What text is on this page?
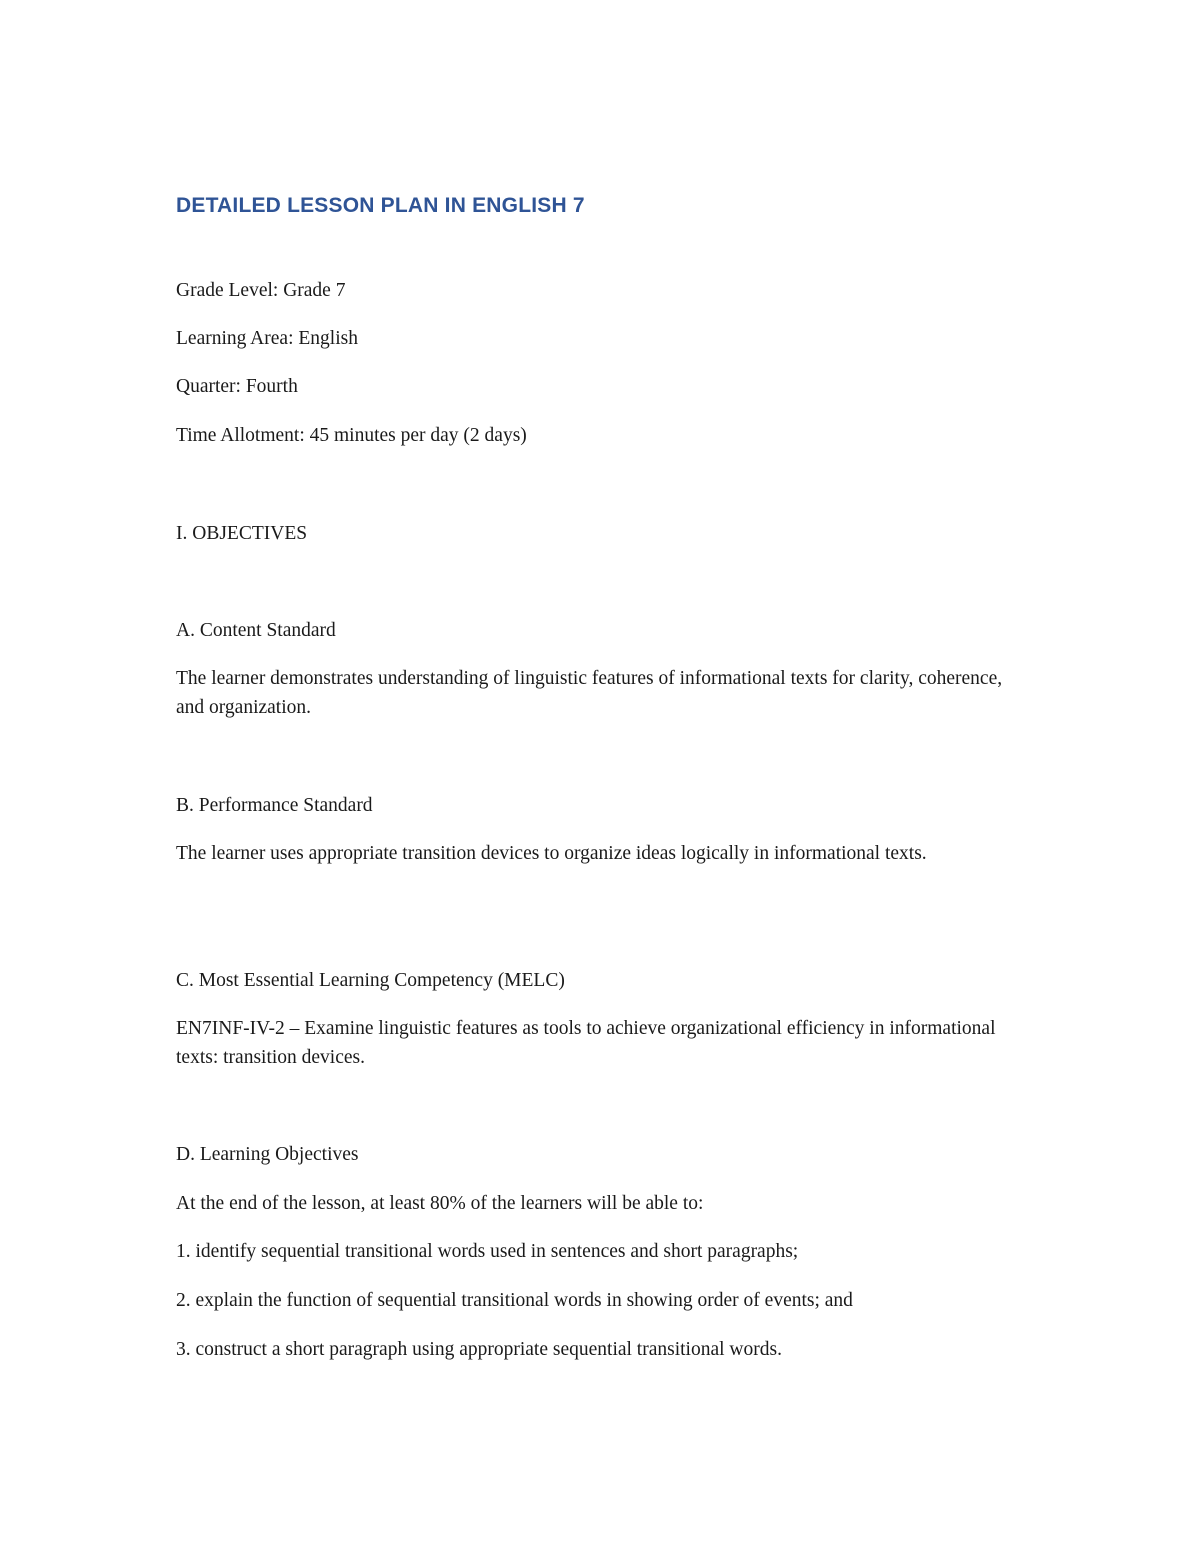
DETAILED LESSON PLAN IN ENGLISH 7
Grade Level: Grade 7
Learning Area: English
Quarter: Fourth
Time Allotment: 45 minutes per day (2 days)
I. OBJECTIVES
A. Content Standard
The learner demonstrates understanding of linguistic features of informational texts for clarity, coherence, and organization.
B. Performance Standard
The learner uses appropriate transition devices to organize ideas logically in informational texts.
C. Most Essential Learning Competency (MELC)
EN7INF-IV-2 – Examine linguistic features as tools to achieve organizational efficiency in informational texts: transition devices.
D. Learning Objectives
At the end of the lesson, at least 80% of the learners will be able to:
1. identify sequential transitional words used in sentences and short paragraphs;
2. explain the function of sequential transitional words in showing order of events; and
3. construct a short paragraph using appropriate sequential transitional words.
